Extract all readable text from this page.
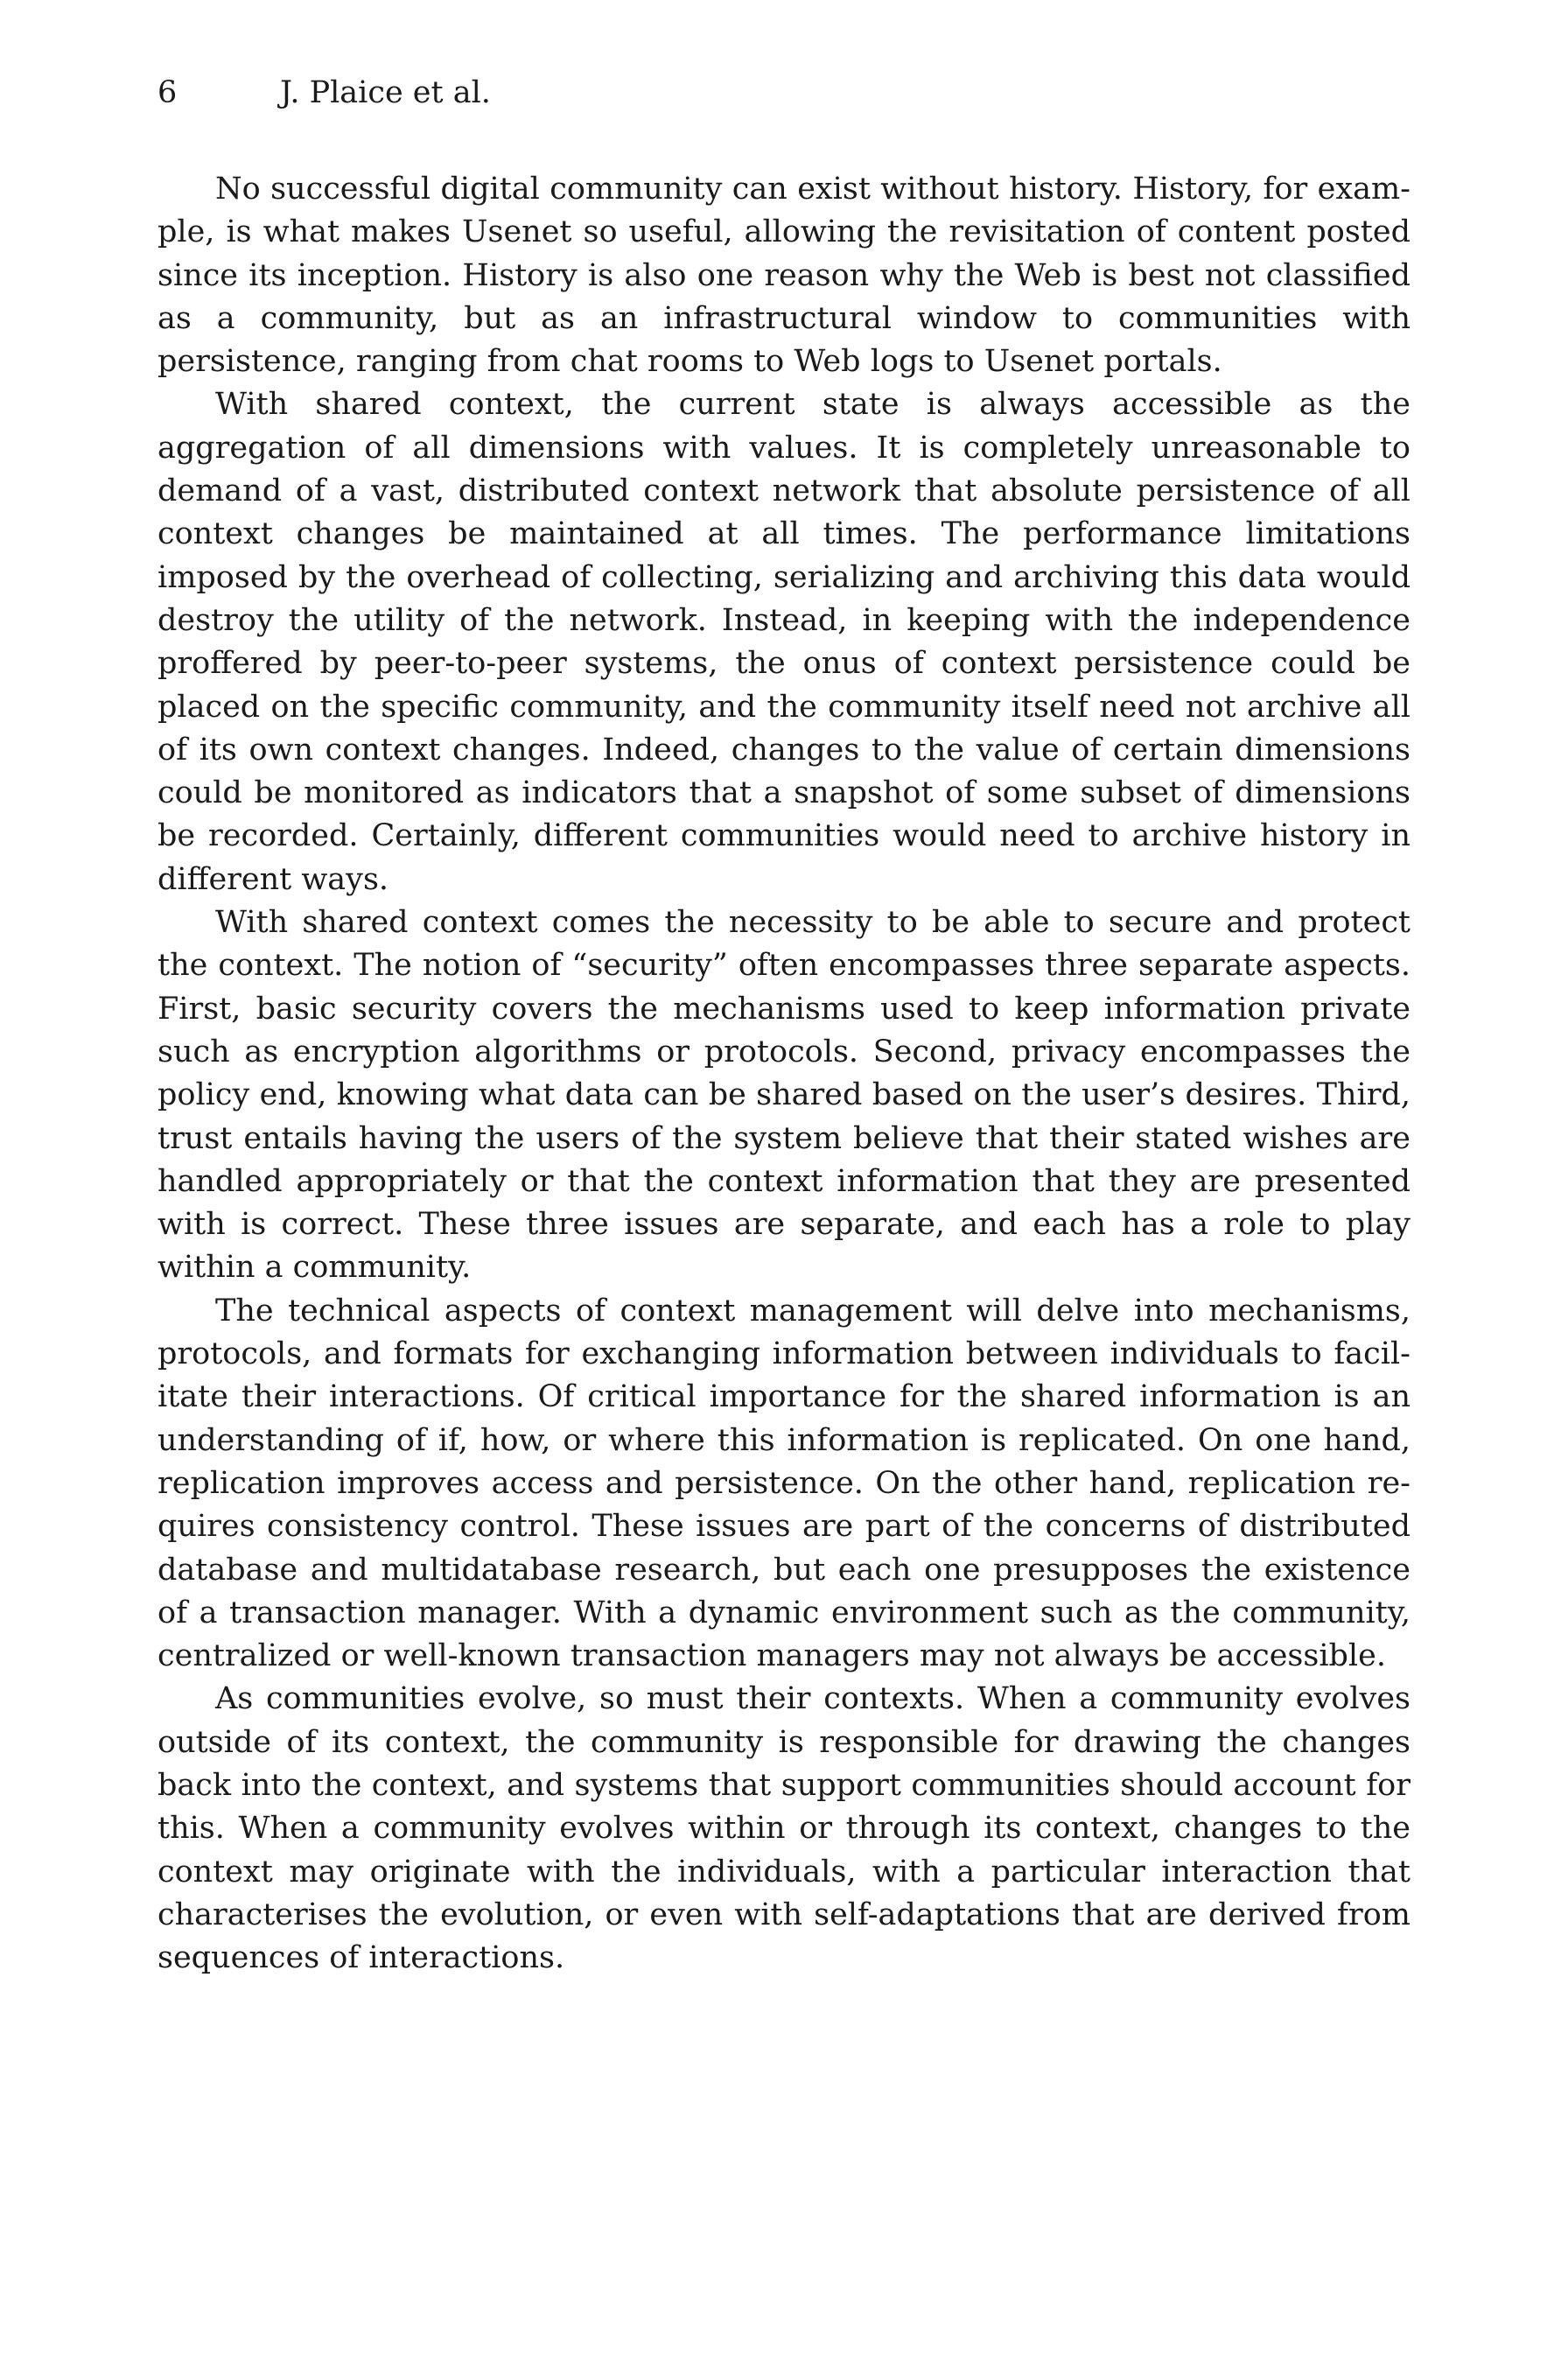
6	J. Plaice et al.

No successful digital community can exist without history. History, for example, is what makes Usenet so useful, allowing the revisitation of content posted since its inception. History is also one reason why the Web is best not classified as a community, but as an infrastructural window to communities with persistence, ranging from chat rooms to Web logs to Usenet portals.

With shared context, the current state is always accessible as the aggregation of all dimensions with values. It is completely unreasonable to demand of a vast, distributed context network that absolute persistence of all context changes be maintained at all times. The performance limitations imposed by the overhead of collecting, serializing and archiving this data would destroy the utility of the network. Instead, in keeping with the independence proffered by peer-to-peer systems, the onus of context persistence could be placed on the specific community, and the community itself need not archive all of its own context changes. Indeed, changes to the value of certain dimensions could be monitored as indicators that a snapshot of some subset of dimensions be recorded. Certainly, different communities would need to archive history in different ways.

With shared context comes the necessity to be able to secure and protect the context. The notion of “security” often encompasses three separate aspects. First, basic security covers the mechanisms used to keep information private such as encryption algorithms or protocols. Second, privacy encompasses the policy end, knowing what data can be shared based on the user’s desires. Third, trust entails having the users of the system believe that their stated wishes are handled appropriately or that the context information that they are presented with is correct. These three issues are separate, and each has a role to play within a community.

The technical aspects of context management will delve into mechanisms, protocols, and formats for exchanging information between individuals to facilitate their interactions. Of critical importance for the shared information is an understanding of if, how, or where this information is replicated. On one hand, replication improves access and persistence. On the other hand, replication requires consistency control. These issues are part of the concerns of distributed database and multidatabase research, but each one presupposes the existence of a transaction manager. With a dynamic environment such as the community, centralized or well-known transaction managers may not always be accessible.

As communities evolve, so must their contexts. When a community evolves outside of its context, the community is responsible for drawing the changes back into the context, and systems that support communities should account for this. When a community evolves within or through its context, changes to the context may originate with the individuals, with a particular interaction that characterises the evolution, or even with self-adaptations that are derived from sequences of interactions.
